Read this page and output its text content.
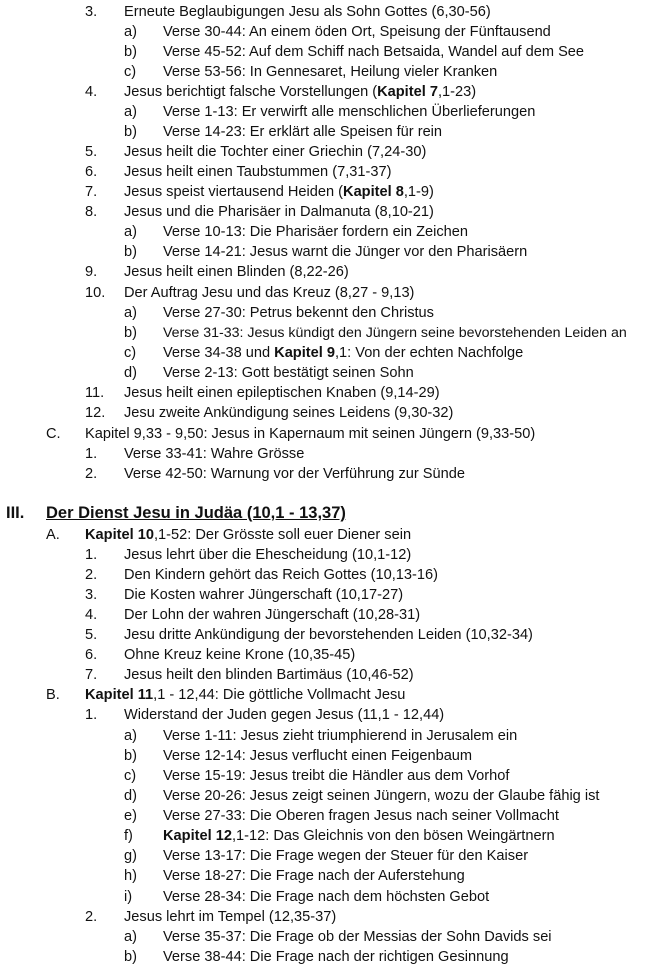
3. Erneute Beglaubigungen Jesu als Sohn Gottes (6,30-56)
a) Verse 30-44: An einem öden Ort, Speisung der Fünftausend
b) Verse 45-52: Auf dem Schiff nach Betsaida, Wandel auf dem See
c) Verse 53-56: In Gennesaret, Heilung vieler Kranken
4. Jesus berichtigt falsche Vorstellungen (Kapitel 7,1-23)
a) Verse 1-13: Er verwirft alle menschlichen Überlieferungen
b) Verse 14-23: Er erklärt alle Speisen für rein
5. Jesus heilt die Tochter einer Griechin (7,24-30)
6. Jesus heilt einen Taubstummen (7,31-37)
7. Jesus speist viertausend Heiden (Kapitel 8,1-9)
8. Jesus und die Pharisäer in Dalmanuta (8,10-21)
a) Verse 10-13: Die Pharisäer fordern ein Zeichen
b) Verse 14-21: Jesus warnt die Jünger vor den Pharisäern
9. Jesus heilt einen Blinden (8,22-26)
10. Der Auftrag Jesu und das Kreuz (8,27 - 9,13)
a) Verse 27-30: Petrus bekennt den Christus
b) Verse 31-33: Jesus kündigt den Jüngern seine bevorstehenden Leiden an
c) Verse 34-38 und Kapitel 9,1: Von der echten Nachfolge
d) Verse 2-13: Gott bestätigt seinen Sohn
11. Jesus heilt einen epileptischen Knaben (9,14-29)
12. Jesu zweite Ankündigung seines Leidens (9,30-32)
C. Kapitel 9,33 - 9,50: Jesus in Kapernaum mit seinen Jüngern (9,33-50)
1. Verse 33-41: Wahre Grösse
2. Verse 42-50: Warnung vor der Verführung zur Sünde
III. Der Dienst Jesu in Judäa (10,1 - 13,37)
A. Kapitel 10,1-52: Der Grösste soll euer Diener sein
1. Jesus lehrt über die Ehescheidung (10,1-12)
2. Den Kindern gehört das Reich Gottes (10,13-16)
3. Die Kosten wahrer Jüngerschaft (10,17-27)
4. Der Lohn der wahren Jüngerschaft (10,28-31)
5. Jesu dritte Ankündigung der bevorstehenden Leiden (10,32-34)
6. Ohne Kreuz keine Krone (10,35-45)
7. Jesus heilt den blinden Bartimäus (10,46-52)
B. Kapitel 11,1 - 12,44: Die göttliche Vollmacht Jesu
1. Widerstand der Juden gegen Jesus (11,1 - 12,44)
a) Verse 1-11: Jesus zieht triumphierend in Jerusalem ein
b) Verse 12-14: Jesus verflucht einen Feigenbaum
c) Verse 15-19: Jesus treibt die Händler aus dem Vorhof
d) Verse 20-26: Jesus zeigt seinen Jüngern, wozu der Glaube fähig ist
e) Verse 27-33: Die Oberen fragen Jesus nach seiner Vollmacht
f) Kapitel 12,1-12: Das Gleichnis von den bösen Weingärtnern
g) Verse 13-17: Die Frage wegen der Steuer für den Kaiser
h) Verse 18-27: Die Frage nach der Auferstehung
i) Verse 28-34: Die Frage nach dem höchsten Gebot
2. Jesus lehrt im Tempel (12,35-37)
a) Verse 35-37: Die Frage ob der Messias der Sohn Davids sei
b) Verse 38-44: Die Frage nach der richtigen Gesinnung
